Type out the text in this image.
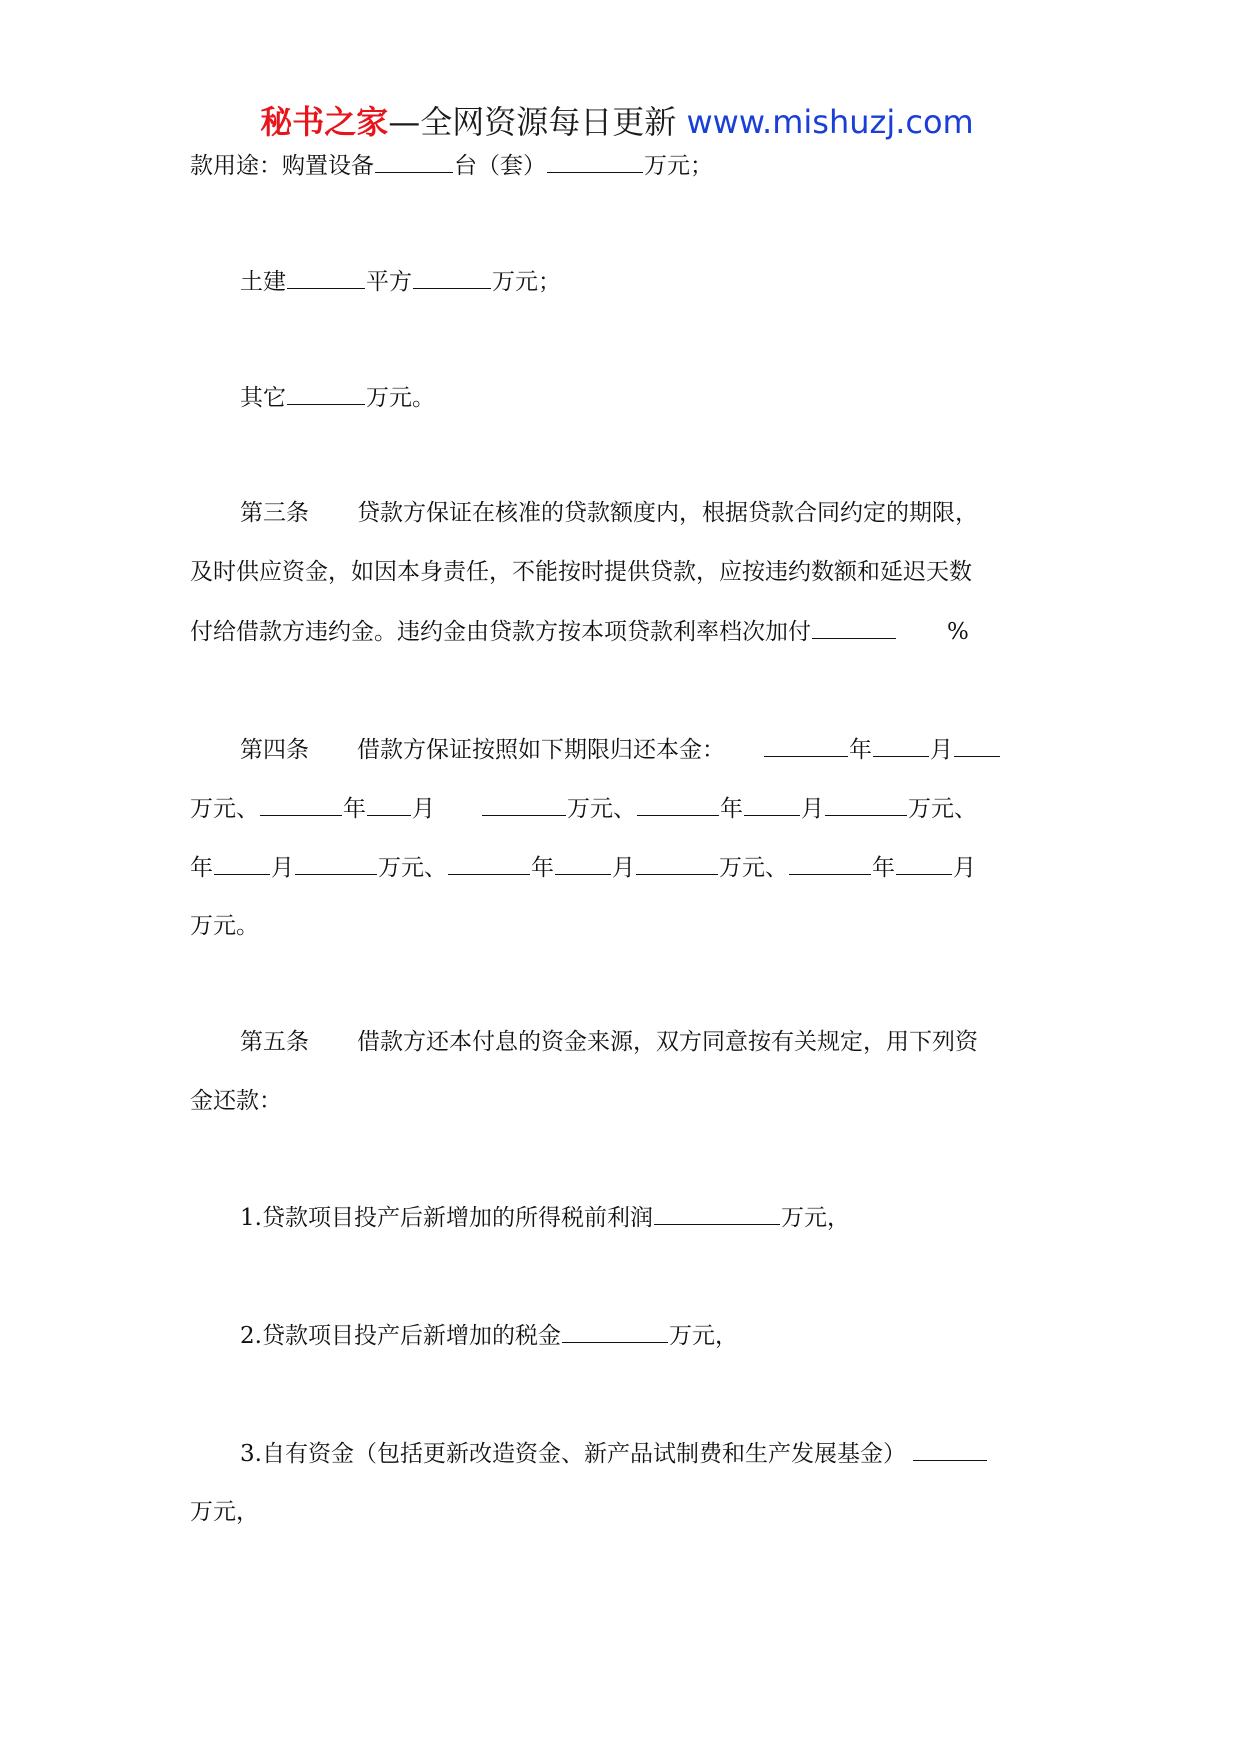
秘书之家—全网资源每日更新 www.mishuzj.com
款用途：购置设备	台（套）	万元；
土建	平方	万元；
其它	万元。
第三条 贷款方保证在核准的贷款额度内，根据贷款合同约定的期限，
及时供应资金，如因本身责任，不能按时提供贷款，应按违约数额和延迟天数
付给借款方违约金。违约金由贷款方按本项贷款利率档次加付	%
第四条 借款方保证按照如下期限归还本金：	年	月
万元、	年 月	万元、	年	月	万元、
年	月	万元、	年	月	万元、	年	月
万元。
第五条 借款方还本付息的资金来源，双方同意按有关规定，用下列资
金还款：
1.贷款项目投产后新增加的所得税前利润	万元，
2.贷款项目投产后新增加的税金	万元，
3.自有资金（包括更新改造资金、新产品试制费和生产发展基金）
万元，
